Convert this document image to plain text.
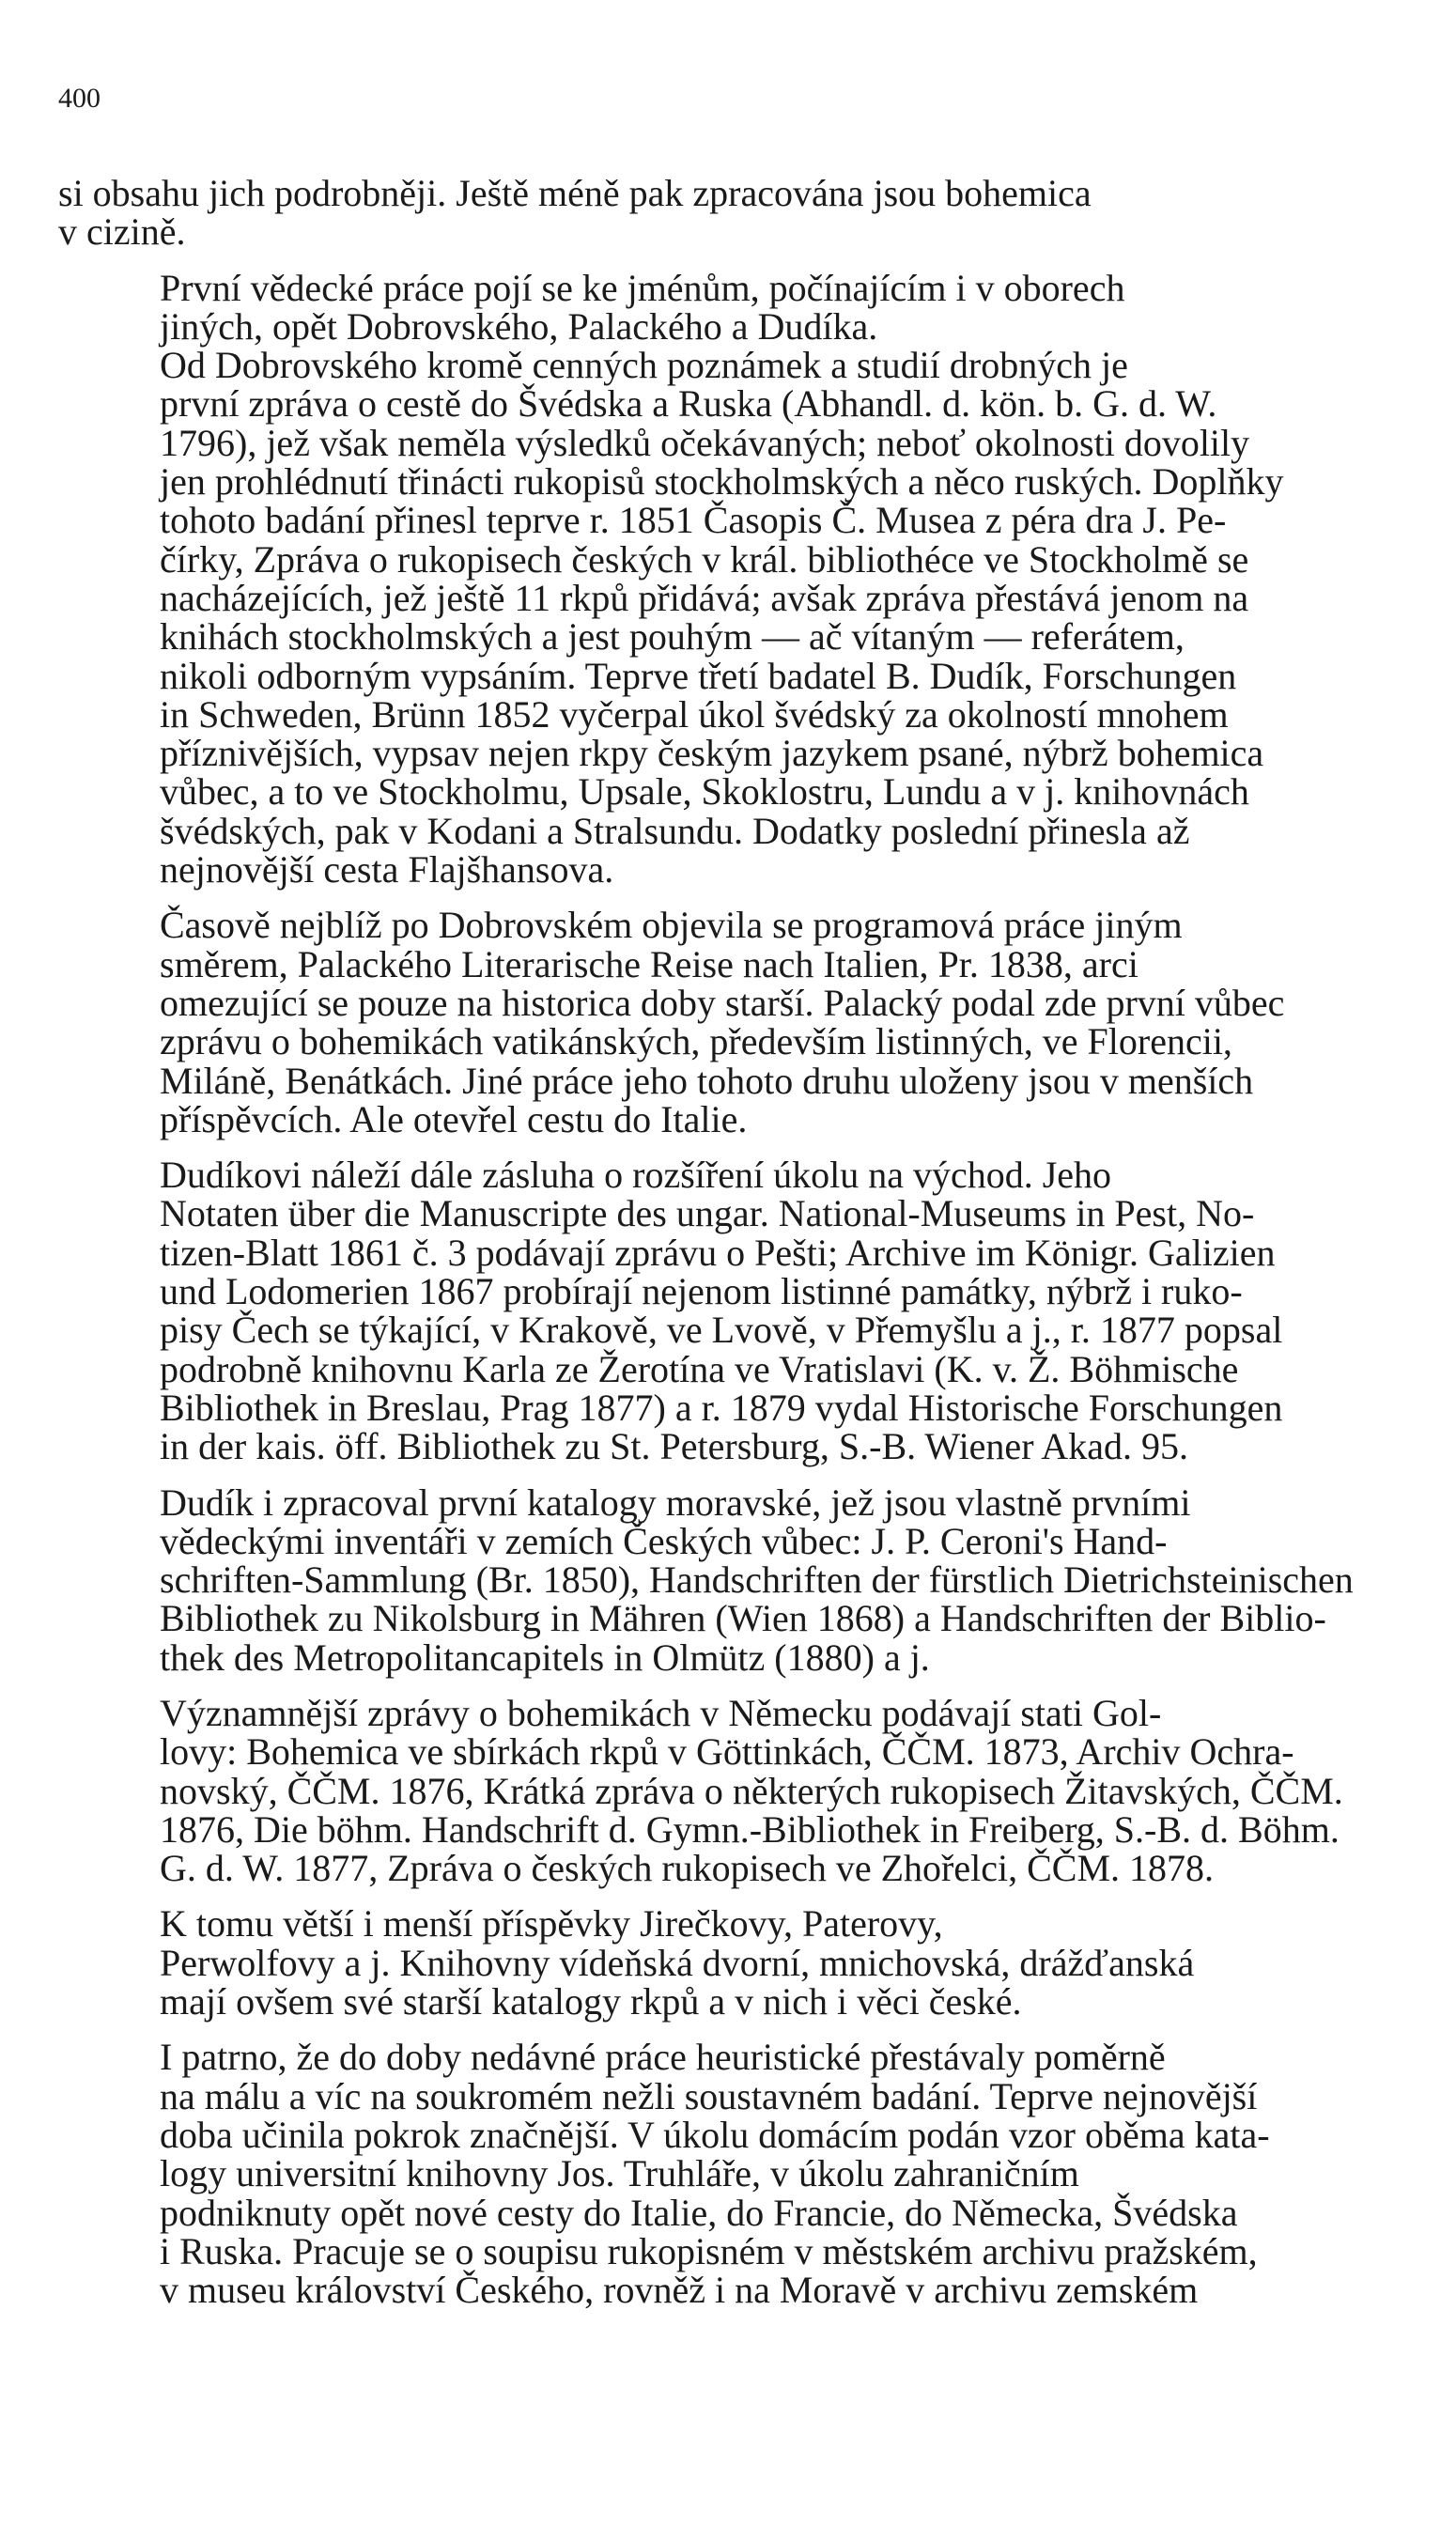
400
si obsahu jich podrobněji. Ještě méně pak zpracována jsou bohemica
v cizině.
První vědecké práce pojí se ke jménům, počínajícím i v oborech
jiných, opět Dobrovského, Palackého a Dudíka.
Od Dobrovského kromě cenných poznámek a studií drobných je
první zpráva o cestě do Švédska a Ruska (Abhandl. d. kön. b. G. d. W.
1796), jež však neměla výsledků očekávaných; neboť okolnosti dovolily
jen prohlédnutí třinácti rukopisů stockholmských a něco ruských. Doplňky
tohoto badání přinesl teprve r. 1851 Časopis Č. Musea z péra dra J. Pe-
čírky, Zpráva o rukopisech českých v král. bibliothéce ve Stockholmě se
nacházejících, jež ještě 11 rkpů přidává; avšak zpráva přestává jenom na
knihách stockholmských a jest pouhým — ač vítaným — referátem,
nikoli odborným vypsáním. Teprve třetí badatel B. Dudík, Forschungen
in Schweden, Brünn 1852 vyčerpal úkol švédský za okolností mnohem
příznivějších, vypsav nejen rkpy českým jazykem psané, nýbrž bohemica
vůbec, a to ve Stockholmu, Upsale, Skoklostru, Lundu a v j. knihovnách
švédských, pak v Kodani a Stralsundu. Dodatky poslední přinesla až
nejnovější cesta Flajšhansova.
Časově nejblíž po Dobrovském objevila se programová práce jiným
směrem, Palackého Literarische Reise nach Italien, Pr. 1838, arci
omezující se pouze na historica doby starší. Palacký podal zde první vůbec
zprávu o bohemikách vatikánských, především listinných, ve Florencii,
Miláně, Benátkách. Jiné práce jeho tohoto druhu uloženy jsou v menších
příspěvcích. Ale otevřel cestu do Italie.
Dudíkovi náleží dále zásluha o rozšíření úkolu na východ. Jeho
Notaten über die Manuscripte des ungar. National-Museums in Pest, No-
tizen-Blatt 1861 č. 3 podávají zprávu o Pešti; Archive im Königr. Galizien
und Lodomerien 1867 probírají nejenom listinné památky, nýbrž i ruko-
pisy Čech se týkající, v Krakově, ve Lvově, v Přemyšlu a j., r. 1877 popsal
podrobně knihovnu Karla ze Žerotína ve Vratislavi (K. v. Ž. Böhmische
Bibliothek in Breslau, Prag 1877) a r. 1879 vydal Historische Forschungen
in der kais. öff. Bibliothek zu St. Petersburg, S.-B. Wiener Akad. 95.
Dudík i zpracoval první katalogy moravské, jež jsou vlastně prvními
vědeckými inventáři v zemích Českých vůbec: J. P. Ceroni's Hand-
schriften-Sammlung (Br. 1850), Handschriften der fürstlich Dietrichsteinischen
Bibliothek zu Nikolsburg in Mähren (Wien 1868) a Handschriften der Biblio-
thek des Metropolitancapitels in Olmütz (1880) a j.
Významnější zprávy o bohemikách v Německu podávají stati Gol-
lovy: Bohemica ve sbírkách rkpů v Göttinkách, ČČM. 1873, Archiv Ochra-
novský, ČČM. 1876, Krátká zpráva o některých rukopisech Žitavských, ČČM.
1876, Die böhm. Handschrift d. Gymn.-Bibliothek in Freiberg, S.-B. d. Böhm.
G. d. W. 1877, Zpráva o českých rukopisech ve Zhořelci, ČČM. 1878.
K tomu větší i menší příspěvky Jirečkovy, Paterovy,
Perwolfovy a j. Knihovny vídeňská dvorní, mnichovská, drážďanská
mají ovšem své starší katalogy rkpů a v nich i věci české.
I patrno, že do doby nedávné práce heuristické přestávaly poměrně
na málu a víc na soukromém nežli soustavném badání. Teprve nejnovější
doba učinila pokrok značnější. V úkolu domácím podán vzor oběma kata-
logy universitní knihovny Jos. Truhláře, v úkolu zahraničním
podniknuty opět nové cesty do Italie, do Francie, do Německa, Švédska
i Ruska. Pracuje se o soupisu rukopisném v městském archivu pražském,
v museu království Českého, rovněž i na Moravě v archivu zemském
